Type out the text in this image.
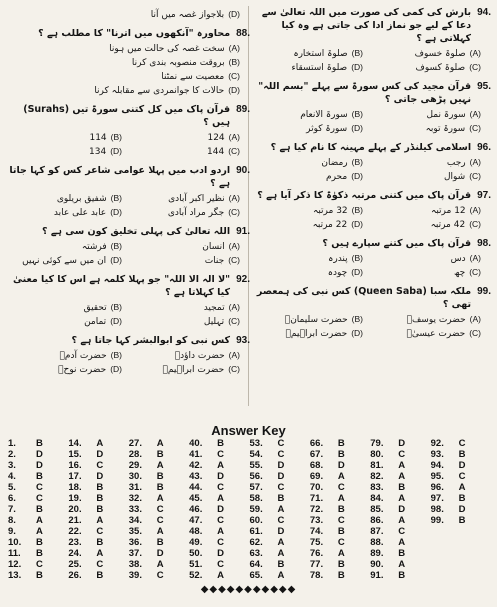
94.
بارش کی کمی کی صورت میں اللہ تعالیٰ سے دعا کے لیے جو نماز ادا کی جاتی ہے وہ کیا کہلاتی ہے ؟
(A)صلوۃ خسوف
(B)صلوۃ استخارہ
(C)صلوۃ کسوف
(D)صلوۃ استسقاء
95.
قرآن مجید کی کس سورۃ سے پہلے "بسم اللہ" نہیں پڑھی جاتی ؟
(A)سورۃ نمل
(B)سورۃ الانعام
(C)سورۃ توبہ
(D)سورۃ کوثر
96.
اسلامی کیلنڈر کے پہلے مہینہ کا نام کیا ہے ؟
(A)رجب
(B)رمضان
(C)شوال
(D)محرم
97.
قرآن پاک میں کتنی مرتبہ ذکوٰۃ کا ذکر آیا ہے ؟
(A)12 مرتبہ
(B)32 مرتبہ
(C)42 مرتبہ
(D)22 مرتبہ
98.
قرآن پاک میں کتنے سپارے ہیں ؟
(A)دس
(B)پندرہ
(C)چھ
(D)چودہ
99.
ملکہ سبا (Queen Saba) کس نبی کی ہمعصر تھی ؟
(A)حضرت یوسفؑ
(B)حضرت سلیمانؑ
(C)حضرت عیسیٰؑ
(D)حضرت ابراہیمؑ
(D)بلاجواز غصہ میں آنا
88.
محاورہ "آنکھوں میں اترنا" کا مطلب ہے ؟
(A)سخت غصہ کی حالت میں ہونا
(B)بروقت منصوبہ بندی کرنا
(C)معصیت سے نمٹنا
(D)حالات کا جوانمردی سے مقابلہ کرنا
89.
قرآن پاک میں کل کتنی سورۃ تیں (Surahs) ہیں ؟
(A)124
(B)114
(C)144
(D)134
90.
اردو ادب میں پہلا عوامی شاعر کس کو کہا جاتا ہے ؟
(A)نظیر اکبر آبادی
(B)شفیق بریلوی
(C)جگر مراد آبادی
(D)عابد علی عابد
91.
اللہ تعالیٰ کی پہلی تخلیق کون سی ہے ؟
(A)انسان
(B)فرشتہ
(C)جنات
(D)ان میں سے کوئی نہیں
92.
"لا الہ الا اللہ" جو پہلا کلمہ ہے اس کا کیا معنیٰ کیا کہلاتا ہے ؟
(A)تمجید
(B)تحقیق
(C)تہلیل
(D)تمامن
93.
کس نبی کو ابوالبشر کہا جاتا ہے ؟
(A)حضرت داؤدؑ
(B)حضرت آدمؑ
(C)حضرت ابراہیمؑ
(D)حضرت نوحؑ
Answer Key
1.	B
2.	D
3.	D
4.	B
5.	C
6.	C
7.	B
8.	A
9.	A
10.	B
11.	B
12.	C
13.	B
14.	A
15.	D
16.	C
17.	D
18.	B
19.	B
20.	B
21.	A
22.	C
23.	B
24.	A
25.	C
26.	B
27.	A
28.	B
29.	A
30.	B
31.	B
32.	A
33.	C
34.	C
35.	A
36.	B
37.	D
38.	A
39.	C
40.	B
41.	C
42.	A
43.	D
44.	C
45.	A
46.	D
47.	C
48.	A
49.	C
50.	D
51.	C
52.	A
53.	C
54.	C
55.	D
56.	D
57.	C
58.	B
59.	A
60.	C
61.	D
62.	A
63.	A
64.	B
65.	A
66.	B
67.	B
68.	D
69.	A
70.	C
71.	A
72.	B
73.	C
74.	B
75.	C
76.	A
77.	B
78.	B
79.	D
80.	C
81.	A
82.	A
83.	B
84.	A
85.	D
86.	A
87.	C
88.	A
89.	B
90.	A
91.	B
92.	C
93.	B
94.	D
95.	C
96.	A
97.	B
98.	D
99.	B
◆◆◆◆◆◆◆◆◆◆◆
